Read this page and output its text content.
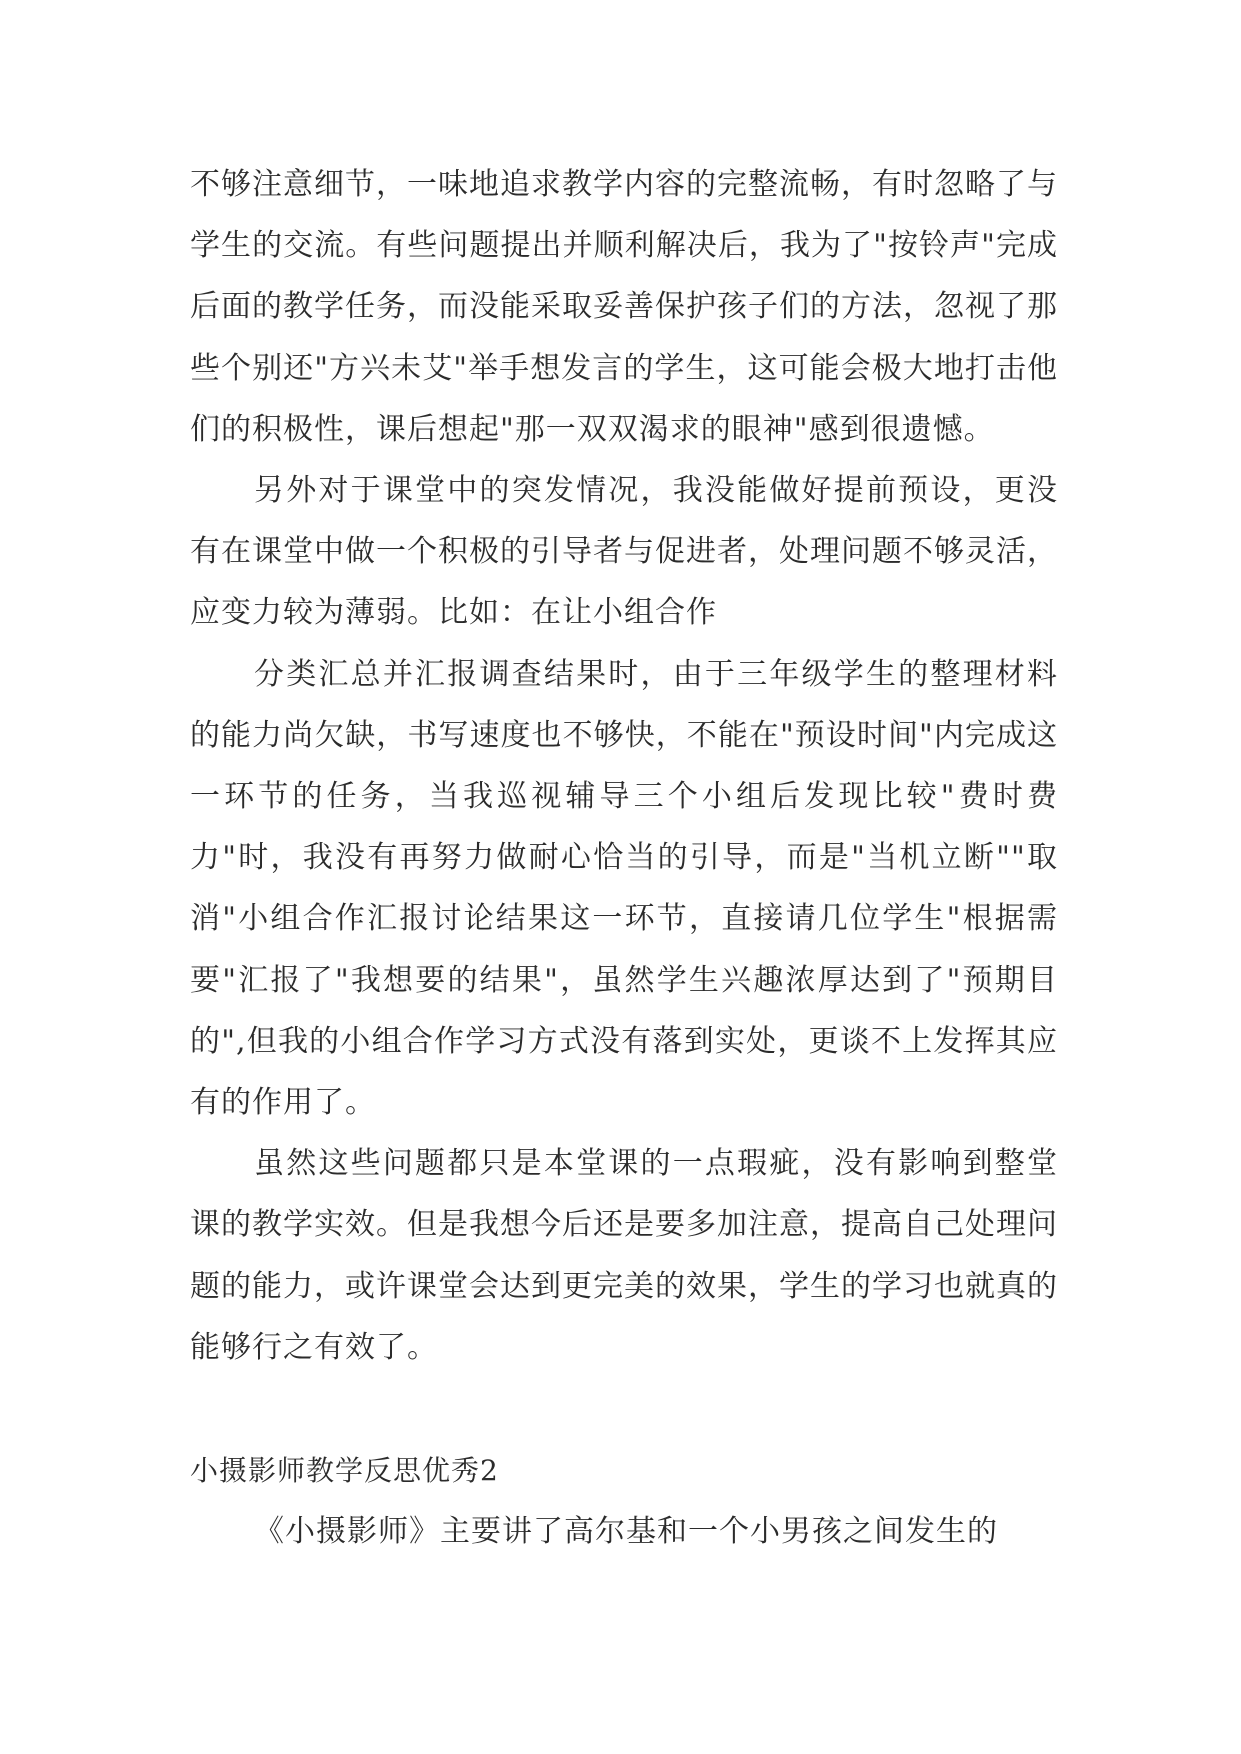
不够注意细节，一味地追求教学内容的完整流畅，有时忽略了与学生的交流。有些问题提出并顺利解决后，我为了"按铃声"完成后面的教学任务，而没能采取妥善保护孩子们的方法，忽视了那些个别还"方兴未艾"举手想发言的学生，这可能会极大地打击他们的积极性，课后想起"那一双双渴求的眼神"感到很遗憾。

另外对于课堂中的突发情况，我没能做好提前预设，更没有在课堂中做一个积极的引导者与促进者，处理问题不够灵活，应变力较为薄弱。比如：在让小组合作

分类汇总并汇报调查结果时，由于三年级学生的整理材料的能力尚欠缺，书写速度也不够快，不能在"预设时间"内完成这一环节的任务，当我巡视辅导三个小组后发现比较"费时费力"时，我没有再努力做耐心恰当的引导，而是"当机立断""取消"小组合作汇报讨论结果这一环节，直接请几位学生"根据需要"汇报了"我想要的结果"，虽然学生兴趣浓厚达到了"预期目的",但我的小组合作学习方式没有落到实处，更谈不上发挥其应有的作用了。

虽然这些问题都只是本堂课的一点瑕疵，没有影响到整堂课的教学实效。但是我想今后还是要多加注意，提高自己处理问题的能力，或许课堂会达到更完美的效果，学生的学习也就真的能够行之有效了。

小摄影师教学反思优秀2

《小摄影师》主要讲了高尔基和一个小男孩之间发生的
